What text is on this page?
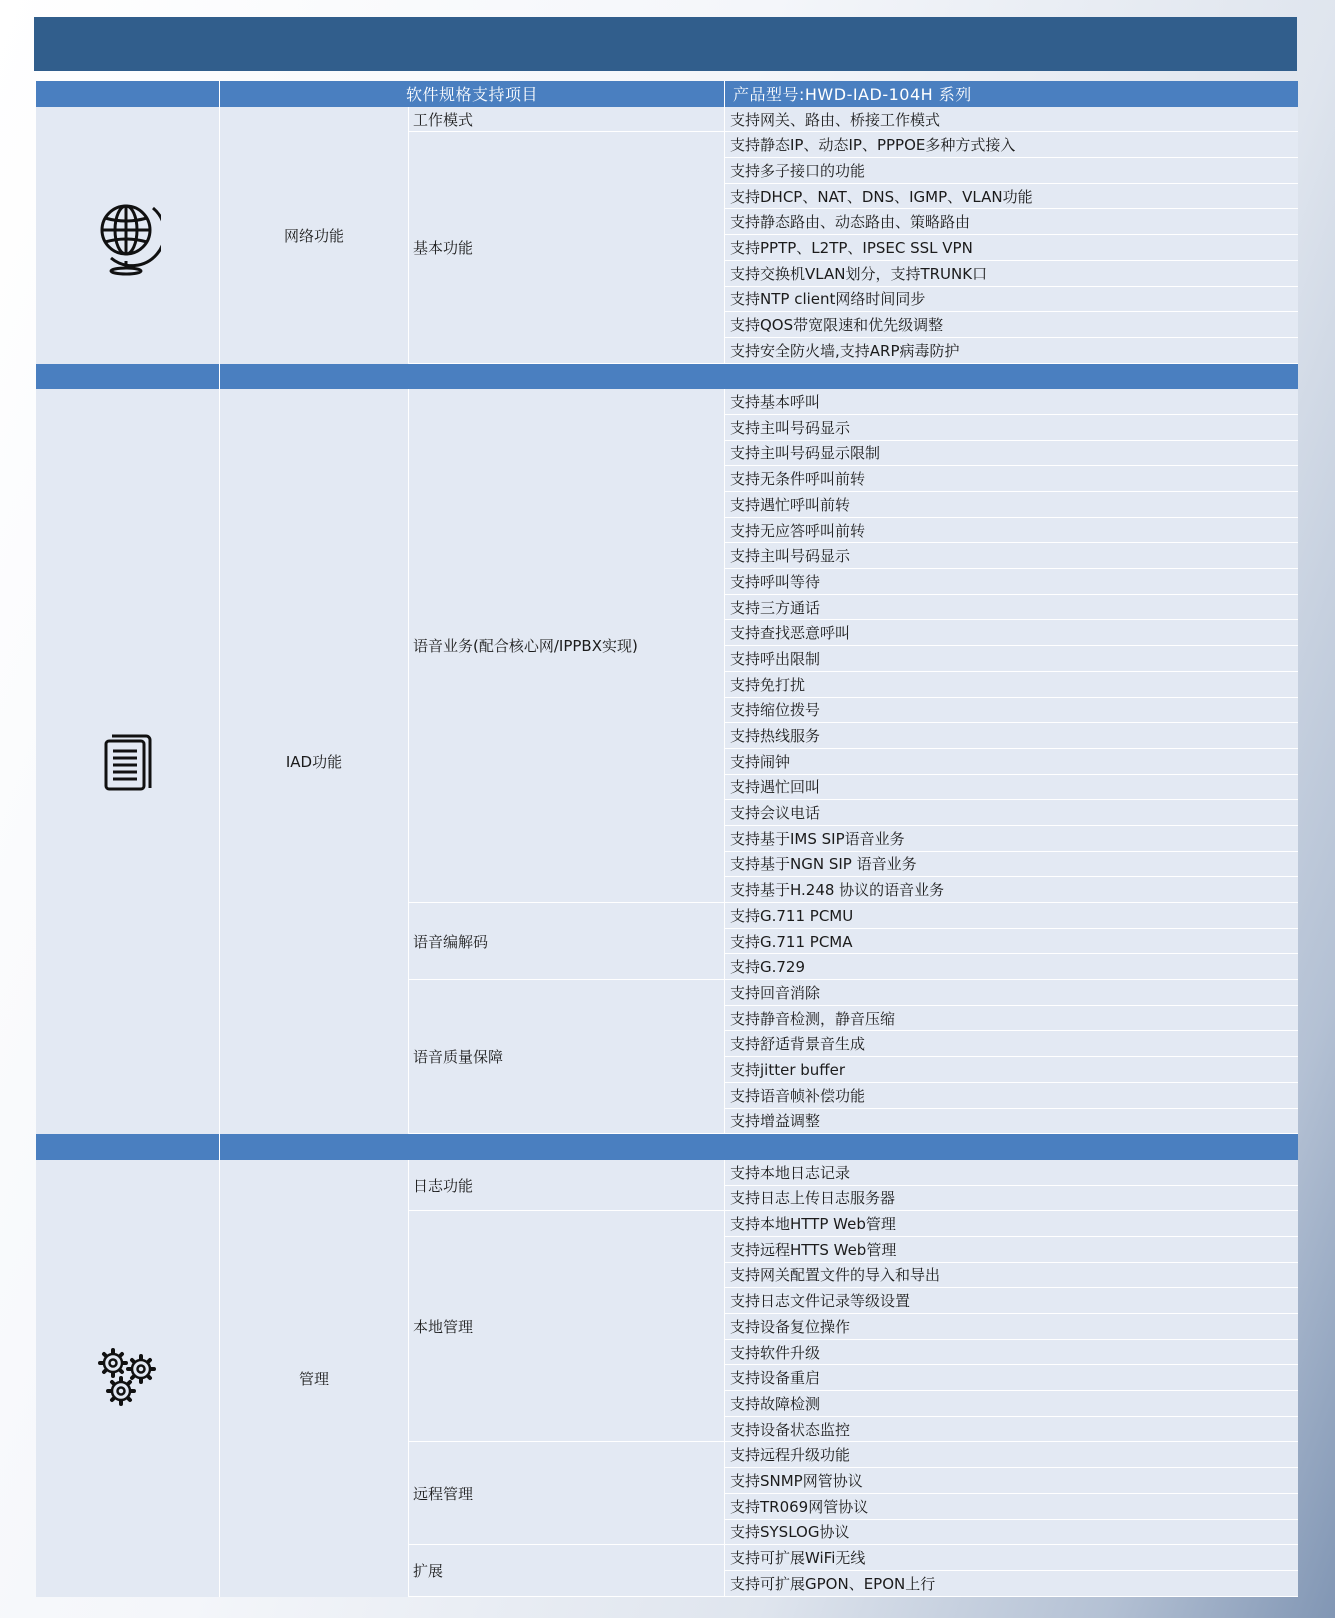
软件规格支持项目	产品型号:HWD-IAD-104H 系列
网络功能
工作模式	支持网关、路由、桥接工作模式
基本功能
支持静态IP、动态IP、PPPOE多种方式接入
支持多子接口的功能
支持DHCP、NAT、DNS、IGMP、VLAN功能
支持静态路由、动态路由、策略路由
支持PPTP、L2TP、IPSEC SSL VPN
支持交换机VLAN划分，支持TRUNK口
支持NTP client网络时间同步
支持QOS带宽限速和优先级调整
支持安全防火墙,支持ARP病毒防护
IAD功能
语音业务(配合核心网/IPPBX实现)
支持基本呼叫
支持主叫号码显示
支持主叫号码显示限制
支持无条件呼叫前转
支持遇忙呼叫前转
支持无应答呼叫前转
支持主叫号码显示
支持呼叫等待
支持三方通话
支持查找恶意呼叫
支持呼出限制
支持免打扰
支持缩位拨号
支持热线服务
支持闹钟
支持遇忙回叫
支持会议电话
支持基于IMS SIP语音业务
支持基于NGN SIP 语音业务
支持基于H.248 协议的语音业务
语音编解码
支持G.711 PCMU
支持G.711 PCMA
支持G.729
语音质量保障
支持回音消除
支持静音检测，静音压缩
支持舒适背景音生成
支持jitter buffer
支持语音帧补偿功能
支持增益调整
管理
日志功能
支持本地日志记录
支持日志上传日志服务器
本地管理
支持本地HTTP Web管理
支持远程HTTS Web管理
支持网关配置文件的导入和导出
支持日志文件记录等级设置
支持设备复位操作
支持软件升级
支持设备重启
支持故障检测
支持设备状态监控
远程管理
支持远程升级功能
支持SNMP网管协议
支持TR069网管协议
支持SYSLOG协议
扩展
支持可扩展WiFi无线
支持可扩展GPON、EPON上行
